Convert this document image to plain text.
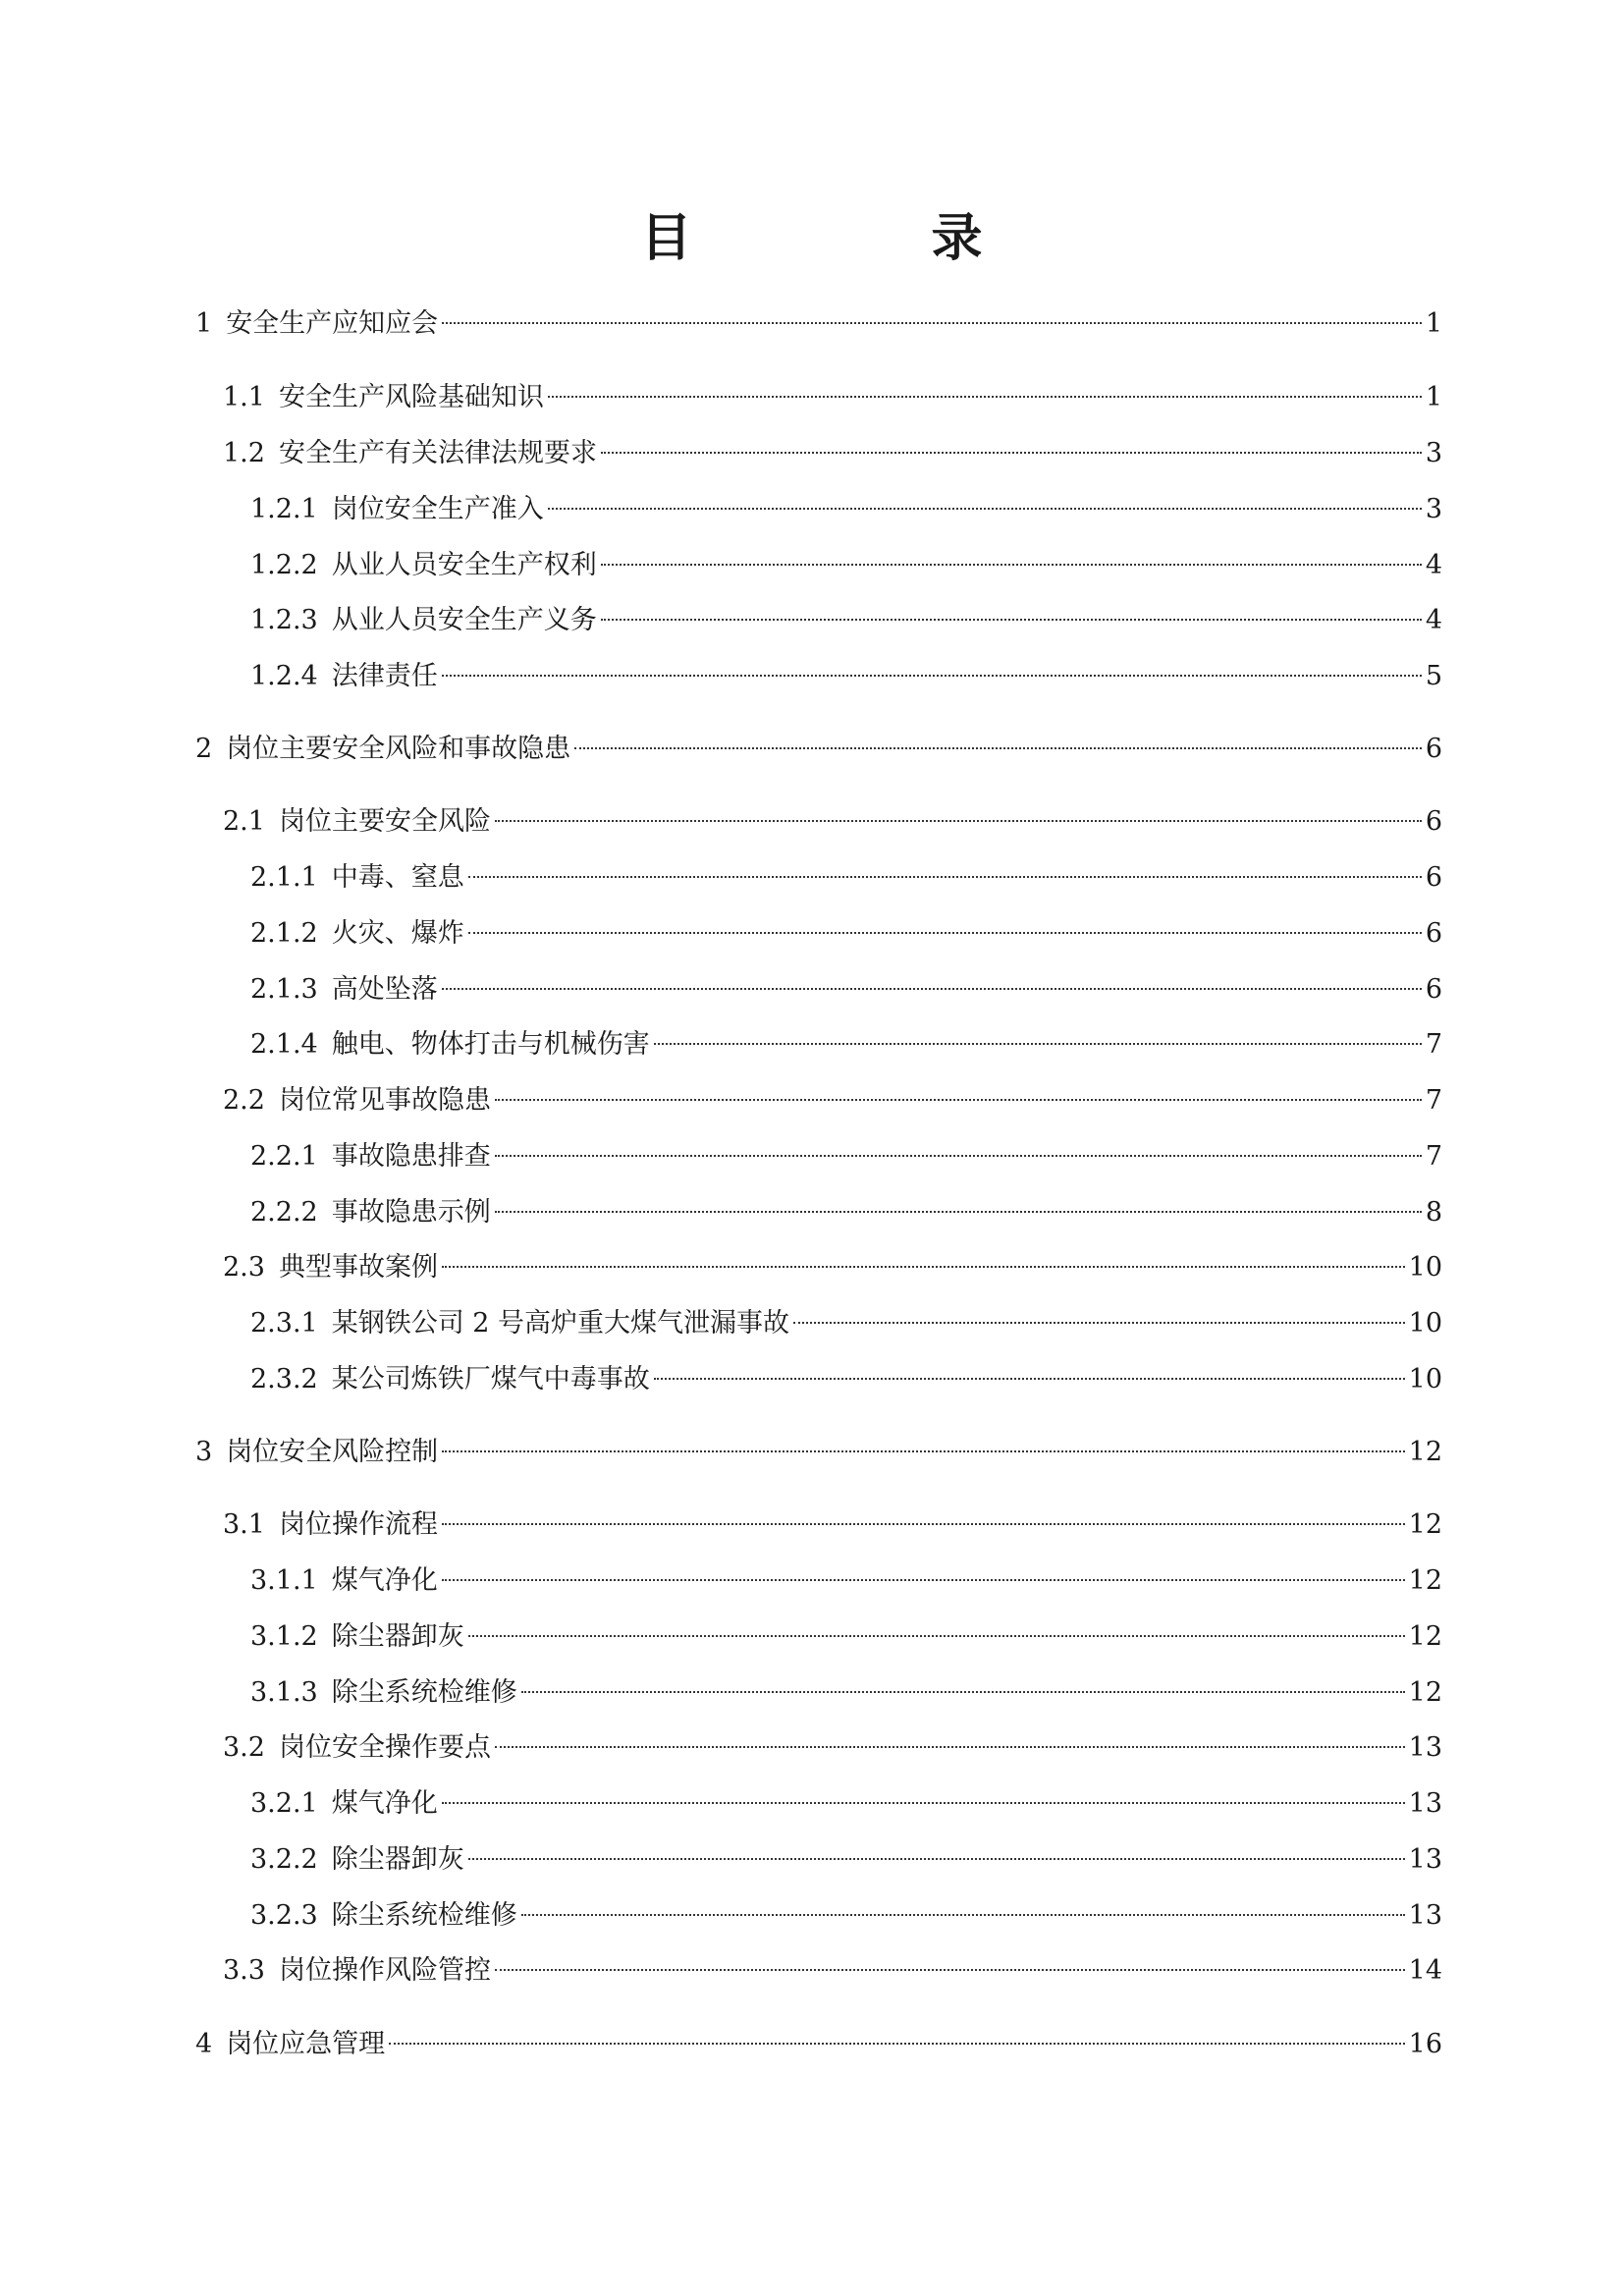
目　录
1 安全生产应知应会	1
1.1 安全生产风险基础知识	1
1.2 安全生产有关法律法规要求	3
1.2.1 岗位安全生产准入	3
1.2.2 从业人员安全生产权利	4
1.2.3 从业人员安全生产义务	4
1.2.4 法律责任	5
2 岗位主要安全风险和事故隐患	6
2.1 岗位主要安全风险	6
2.1.1 中毒、窒息	6
2.1.2 火灾、爆炸	6
2.1.3 高处坠落	6
2.1.4 触电、物体打击与机械伤害	7
2.2 岗位常见事故隐患	7
2.2.1 事故隐患排查	7
2.2.2 事故隐患示例	8
2.3 典型事故案例	10
2.3.1 某钢铁公司 2 号高炉重大煤气泄漏事故	10
2.3.2 某公司炼铁厂煤气中毒事故	10
3 岗位安全风险控制	12
3.1 岗位操作流程	12
3.1.1 煤气净化	12
3.1.2 除尘器卸灰	12
3.1.3 除尘系统检维修	12
3.2 岗位安全操作要点	13
3.2.1 煤气净化	13
3.2.2 除尘器卸灰	13
3.2.3 除尘系统检维修	13
3.3 岗位操作风险管控	14
4 岗位应急管理	16
